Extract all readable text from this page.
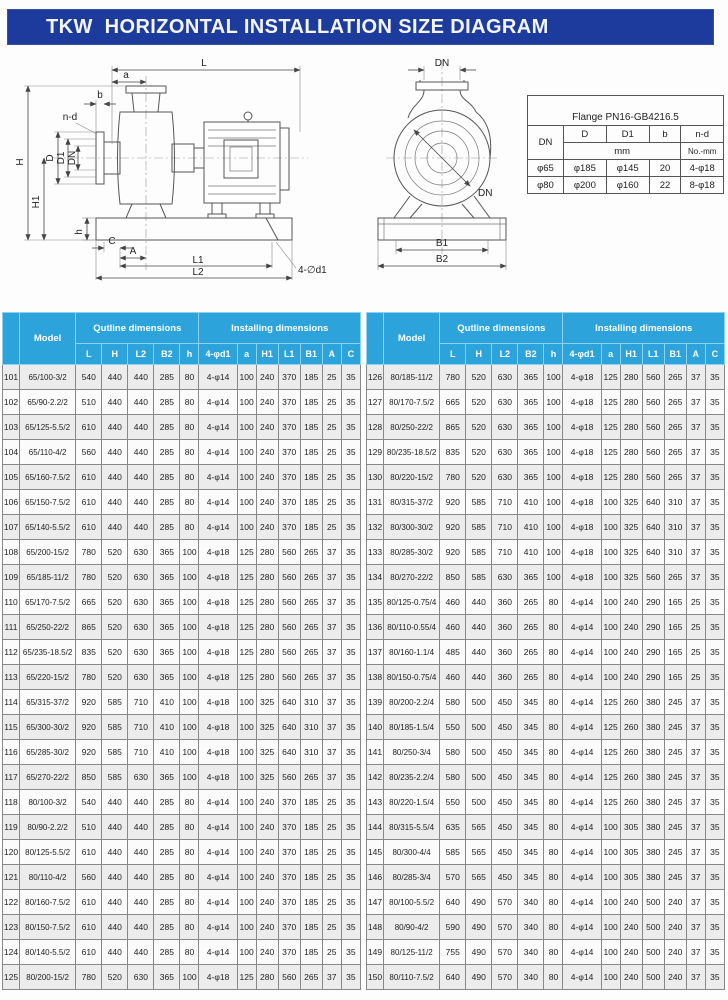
TKW  HORIZONTAL INSTALLATION SIZE DIAGRAM
L
a
b
n-d
D D1 DN
H
H1
h
C
A
L1
L2	4-∅d1
DN
DN
B1
B2
Flange PN16-GB4216.5				
DN	D	D1	b	n-d
	mm			No.-mm
φ65	φ185	φ145	20	4-φ18
φ80	φ200	φ160	22	8-φ18
	Model	Qutline dimensions					Installing dimensions						
		L	H	L2	B2	h	4-φd1	a	H1	L1	B1	A	C
101	65/100-3/2	540	440	440	285	80	4-φ14	100	240	370	185	25	35
102	65/90-2.2/2	510	440	440	285	80	4-φ14	100	240	370	185	25	35
103	65/125-5.5/2	610	440	440	285	80	4-φ14	100	240	370	185	25	35
104	65/110-4/2	560	440	440	285	80	4-φ14	100	240	370	185	25	35
105	65/160-7.5/2	610	440	440	285	80	4-φ14	100	240	370	185	25	35
106	65/150-7.5/2	610	440	440	285	80	4-φ14	100	240	370	185	25	35
107	65/140-5.5/2	610	440	440	285	80	4-φ14	100	240	370	185	25	35
108	65/200-15/2	780	520	630	365	100	4-φ18	125	280	560	265	37	35
109	65/185-11/2	780	520	630	365	100	4-φ18	125	280	560	265	37	35
110	65/170-7.5/2	665	520	630	365	100	4-φ18	125	280	560	265	37	35
111	65/250-22/2	865	520	630	365	100	4-φ18	125	280	560	265	37	35
112	65/235-18.5/2	835	520	630	365	100	4-φ18	125	280	560	265	37	35
113	65/220-15/2	780	520	630	365	100	4-φ18	125	280	560	265	37	35
114	65/315-37/2	920	585	710	410	100	4-φ18	100	325	640	310	37	35
115	65/300-30/2	920	585	710	410	100	4-φ18	100	325	640	310	37	35
116	65/285-30/2	920	585	710	410	100	4-φ18	100	325	640	310	37	35
117	65/270-22/2	850	585	630	365	100	4-φ18	100	325	560	265	37	35
118	80/100-3/2	540	440	440	285	80	4-φ14	100	240	370	185	25	35
119	80/90-2.2/2	510	440	440	285	80	4-φ14	100	240	370	185	25	35
120	80/125-5.5/2	610	440	440	285	80	4-φ14	100	240	370	185	25	35
121	80/110-4/2	560	440	440	285	80	4-φ14	100	240	370	185	25	35
122	80/160-7.5/2	610	440	440	285	80	4-φ14	100	240	370	185	25	35
123	80/150-7.5/2	610	440	440	285	80	4-φ14	100	240	370	185	25	35
124	80/140-5.5/2	610	440	440	285	80	4-φ14	100	240	370	185	25	35
125	80/200-15/2	780	520	630	365	100	4-φ18	125	280	560	265	37	35
	Model	Qutline dimensions					Installing dimensions						
		L	H	L2	B2	h	4-φd1	a	H1	L1	B1	A	C
126	80/185-11/2	780	520	630	365	100	4-φ18	125	280	560	265	37	35
127	80/170-7.5/2	665	520	630	365	100	4-φ18	125	280	560	265	37	35
128	80/250-22/2	865	520	630	365	100	4-φ18	125	280	560	265	37	35
129	80/235-18.5/2	835	520	630	365	100	4-φ18	125	280	560	265	37	35
130	80/220-15/2	780	520	630	365	100	4-φ18	125	280	560	265	37	35
131	80/315-37/2	920	585	710	410	100	4-φ18	100	325	640	310	37	35
132	80/300-30/2	920	585	710	410	100	4-φ18	100	325	640	310	37	35
133	80/285-30/2	920	585	710	410	100	4-φ18	100	325	640	310	37	35
134	80/270-22/2	850	585	630	365	100	4-φ18	100	325	560	265	37	35
135	80/125-0.75/4	460	440	360	265	80	4-φ14	100	240	290	165	25	35
136	80/110-0.55/4	460	440	360	265	80	4-φ14	100	240	290	165	25	35
137	80/160-1.1/4	485	440	360	265	80	4-φ14	100	240	290	165	25	35
138	80/150-0.75/4	460	440	360	265	80	4-φ14	100	240	290	165	25	35
139	80/200-2.2/4	580	500	450	345	80	4-φ14	125	260	380	245	37	35
140	80/185-1.5/4	550	500	450	345	80	4-φ14	125	260	380	245	37	35
141	80/250-3/4	580	500	450	345	80	4-φ14	125	260	380	245	37	35
142	80/235-2.2/4	580	500	450	345	80	4-φ14	125	260	380	245	37	35
143	80/220-1.5/4	550	500	450	345	80	4-φ14	125	260	380	245	37	35
144	80/315-5.5/4	635	565	450	345	80	4-φ14	100	305	380	245	37	35
145	80/300-4/4	585	565	450	345	80	4-φ14	100	305	380	245	37	35
146	80/285-3/4	570	565	450	345	80	4-φ14	100	305	380	245	37	35
147	80/100-5.5/2	640	490	570	340	80	4-φ14	100	240	500	240	37	35
148	80/90-4/2	590	490	570	340	80	4-φ14	100	240	500	240	37	35
149	80/125-11/2	755	490	570	340	80	4-φ14	100	240	500	240	37	35
150	80/110-7.5/2	640	490	570	340	80	4-φ14	100	240	500	240	37	35
